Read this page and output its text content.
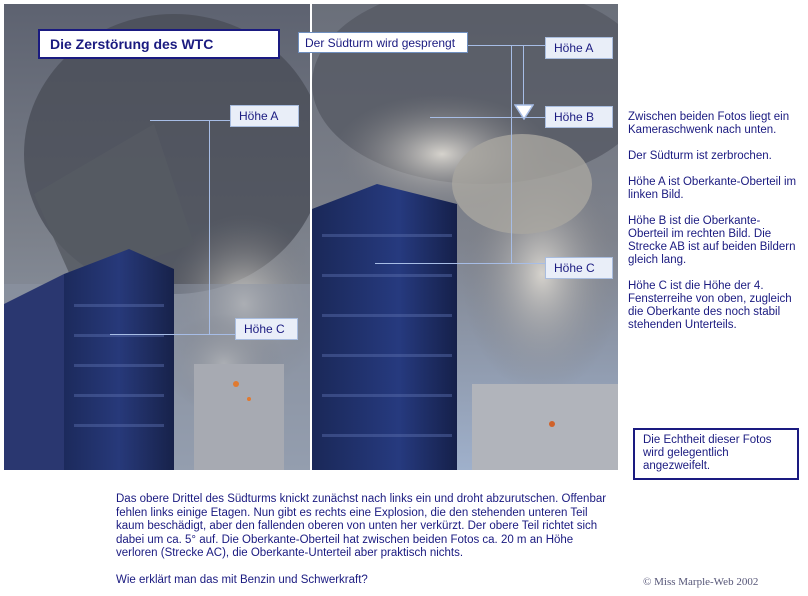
Die Zerstörung des WTC	Der Südturm wird gesprengt
Höhe A
Höhe C
Höhe A
Höhe B
Höhe C

Zwischen beiden Fotos liegt ein Kameraschwenk nach unten.

Der Südturm ist zerbrochen.

Höhe A ist Oberkante-Oberteil im linken Bild.

Höhe B ist die Oberkante-Oberteil im rechten Bild. Die Strecke AB ist auf beiden Bildern gleich lang.

Höhe C ist die Höhe der 4. Fensterreihe von oben, zugleich die Oberkante des noch stabil stehenden Unterteils.

Die Echtheit dieser Fotos wird gelegentlich angezweifelt.

Das obere Drittel des Südturms knickt zunächst nach links ein und droht abzurutschen. Offenbar fehlen links einige Etagen. Nun gibt es rechts eine Explosion, die den stehenden unteren Teil kaum beschädigt, aber den fallenden oberen von unten her verkürzt. Der obere Teil richtet sich dabei um ca. 5° auf. Die Oberkante-Oberteil hat zwischen beiden Fotos ca. 20 m an Höhe verloren (Strecke AC), die Oberkante-Unterteil aber praktisch nichts.

Wie erklärt man das mit Benzin und Schwerkraft?	© Miss Marple-Web 2002
